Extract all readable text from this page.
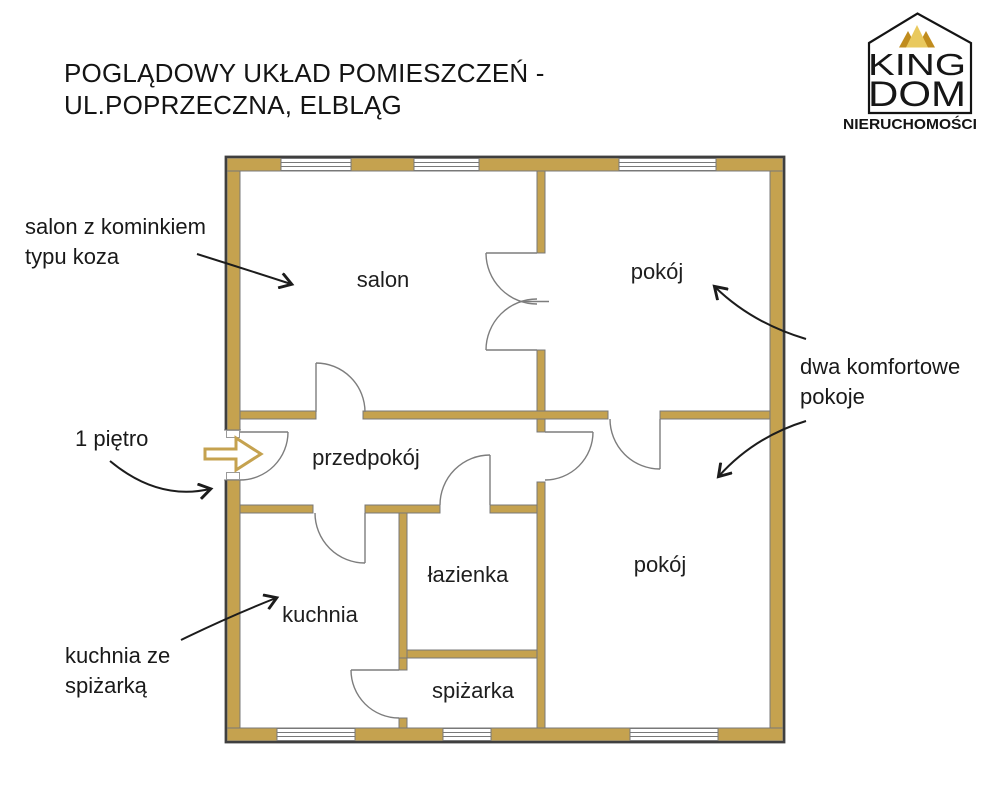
KING
DOM
NIERUCHOMOŚCI
POGLĄDOWY UKŁAD POMIESZCZEŃ -
UL.POPRZECZNA, ELBLĄG
salon	pokój
przedpokój
łazienka
kuchnia
spiżarka
pokój
salon z kominkiem
typu koza
1 piętro
kuchnia ze
spiżarką
dwa komfortowe
pokoje
